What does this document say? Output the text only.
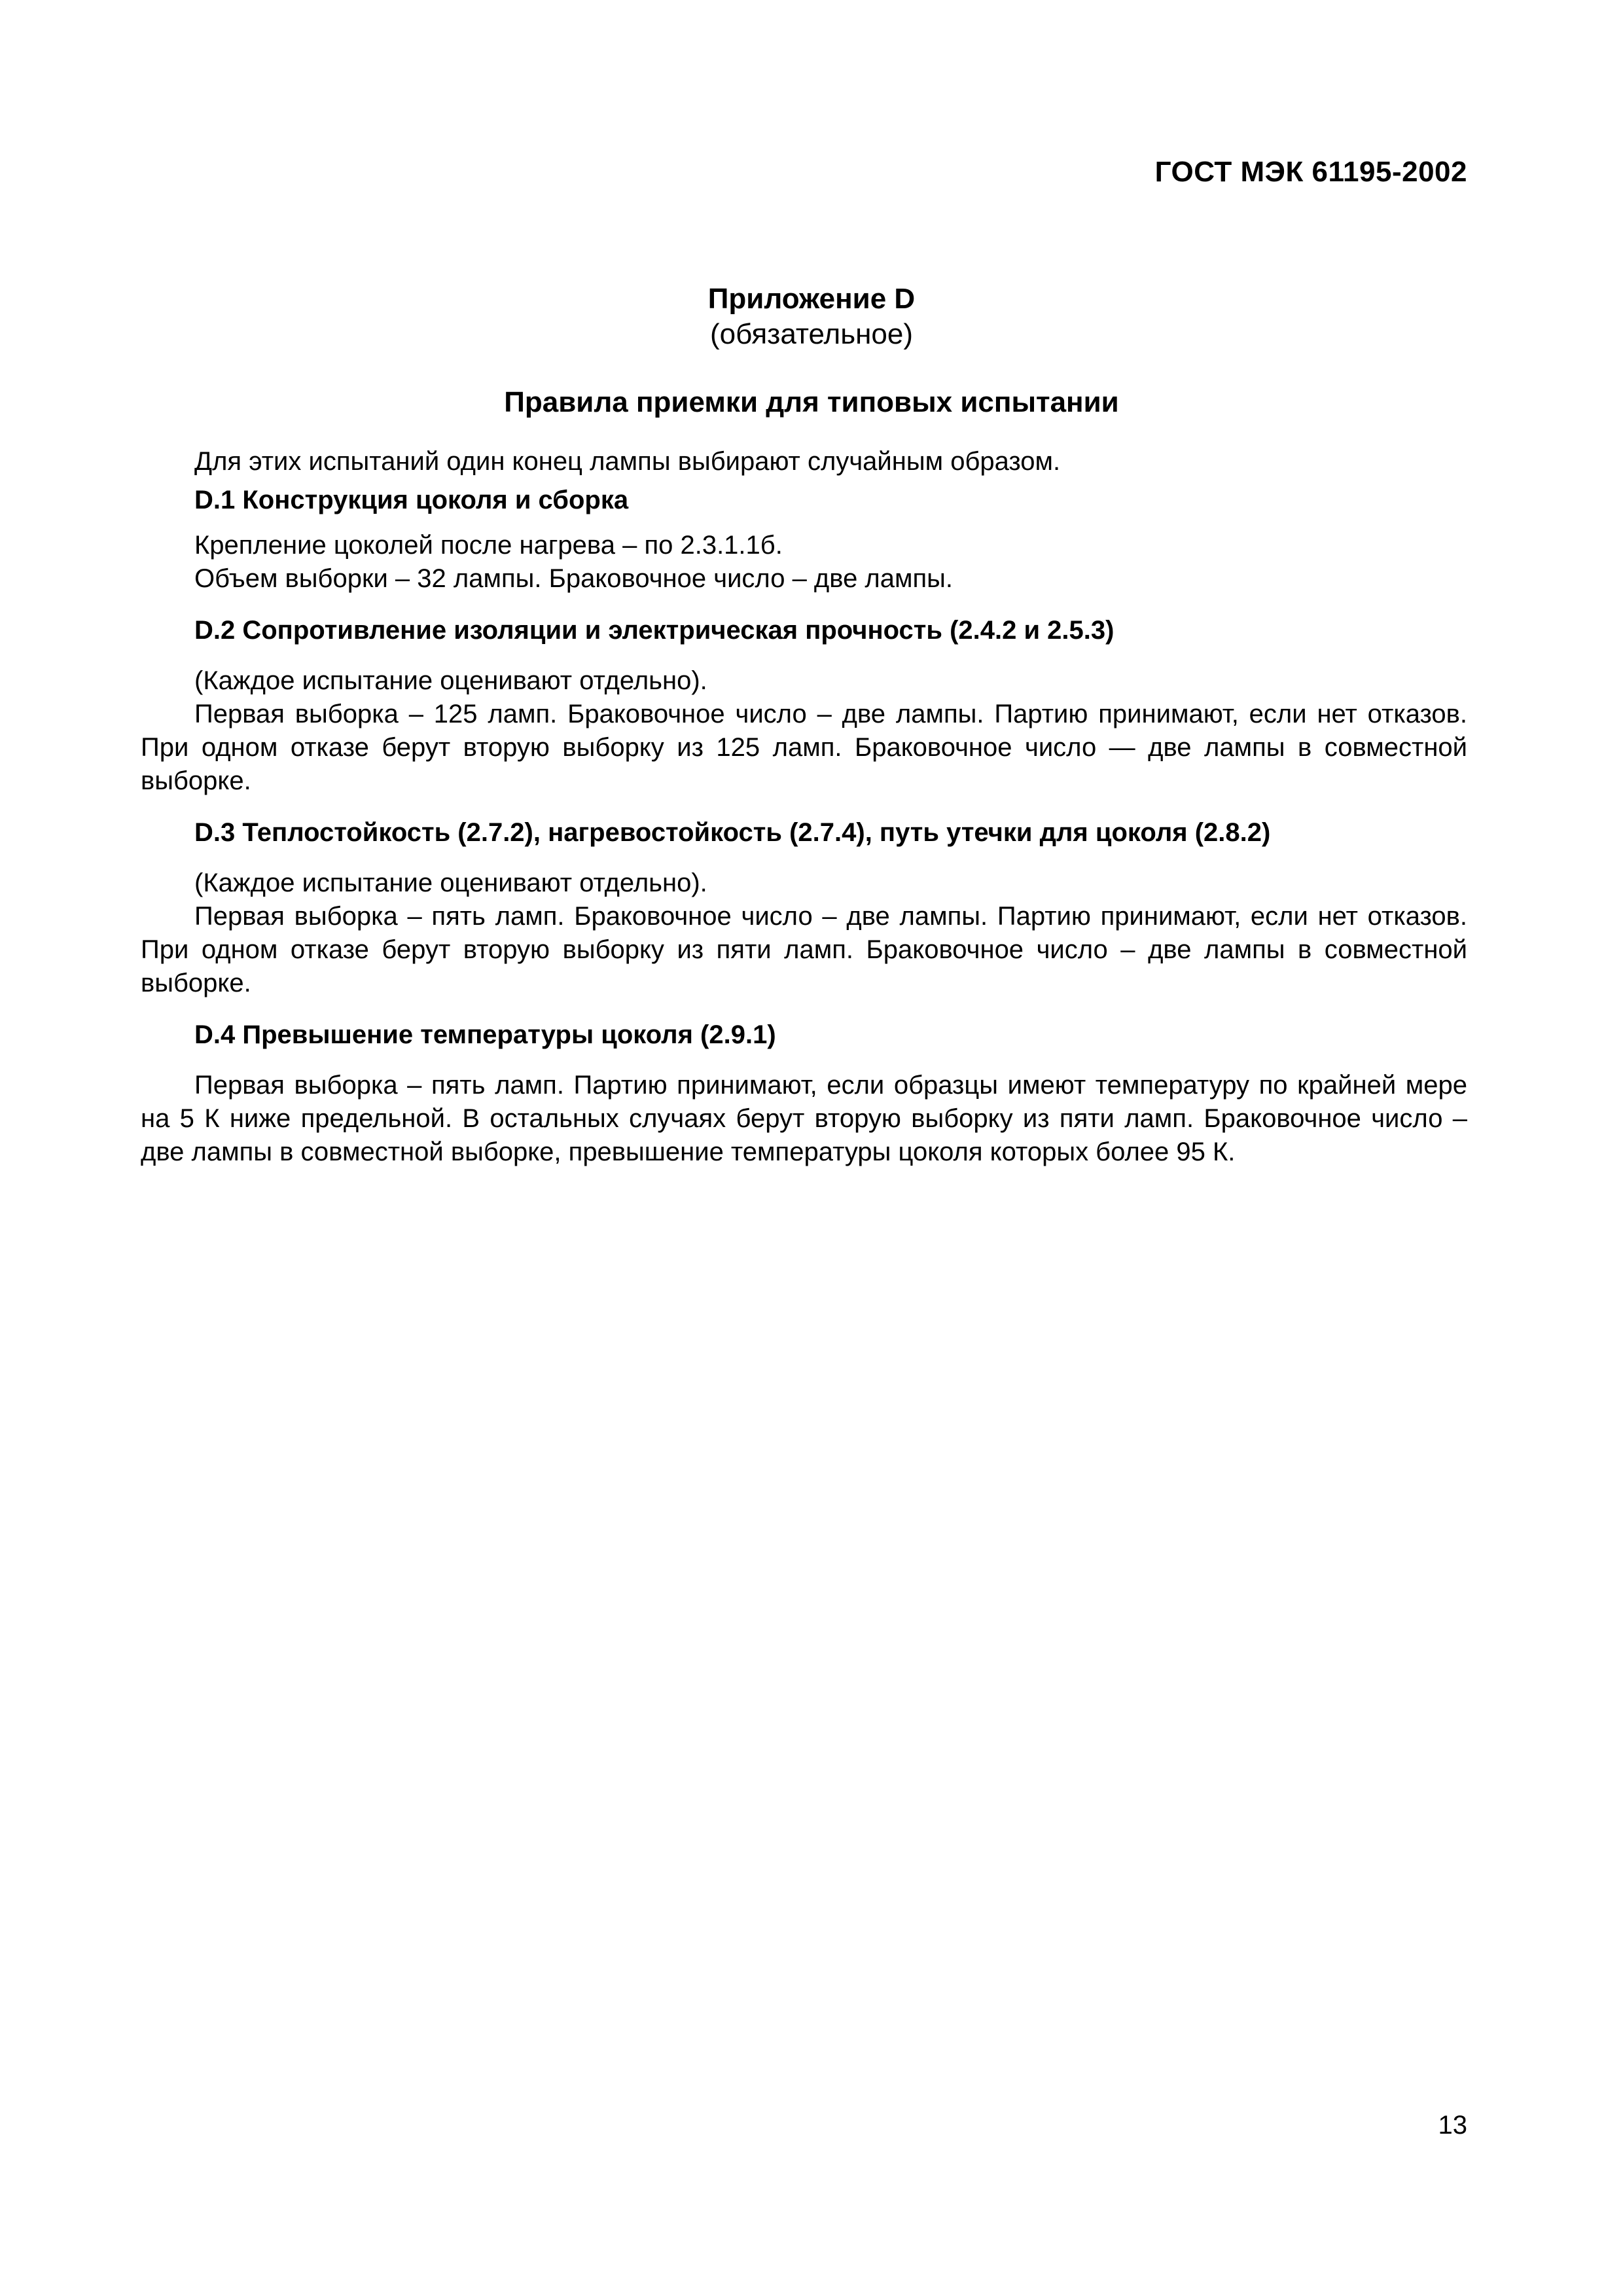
ГОСТ МЭК 61195-2002
Приложение D
(обязательное)
Правила приемки для типовых испытании

Для этих испытаний один конец лампы выбирают случайным образом.

D.1 Конструкция цоколя и сборка

Крепление цоколей после нагрева – по 2.3.1.1б.

Объем выборки – 32 лампы. Браковочное число – две лампы.

D.2 Сопротивление изоляции и электрическая прочность (2.4.2 и 2.5.3)

(Каждое испытание оценивают отдельно).

Первая выборка – 125 ламп. Браковочное число – две лампы. Партию принимают, если нет отказов. При одном отказе берут вторую выборку из 125 ламп. Браковочное число — две лампы в совместной выборке.

D.3 Теплостойкость (2.7.2), нагревостойкость (2.7.4), путь утечки для цоколя (2.8.2)

(Каждое испытание оценивают отдельно).

Первая выборка – пять ламп. Браковочное число – две лампы. Партию принимают, если нет отказов. При одном отказе берут вторую выборку из пяти ламп. Браковочное число – две лампы в совместной выборке.

D.4 Превышение температуры цоколя (2.9.1)

Первая выборка – пять ламп. Партию принимают, если образцы имеют температуру по крайней мере на 5 К ниже предельной. В остальных случаях берут вторую выборку из пяти ламп. Браковочное число – две лампы в совместной выборке, превышение температуры цоколя которых более 95 К.

13
